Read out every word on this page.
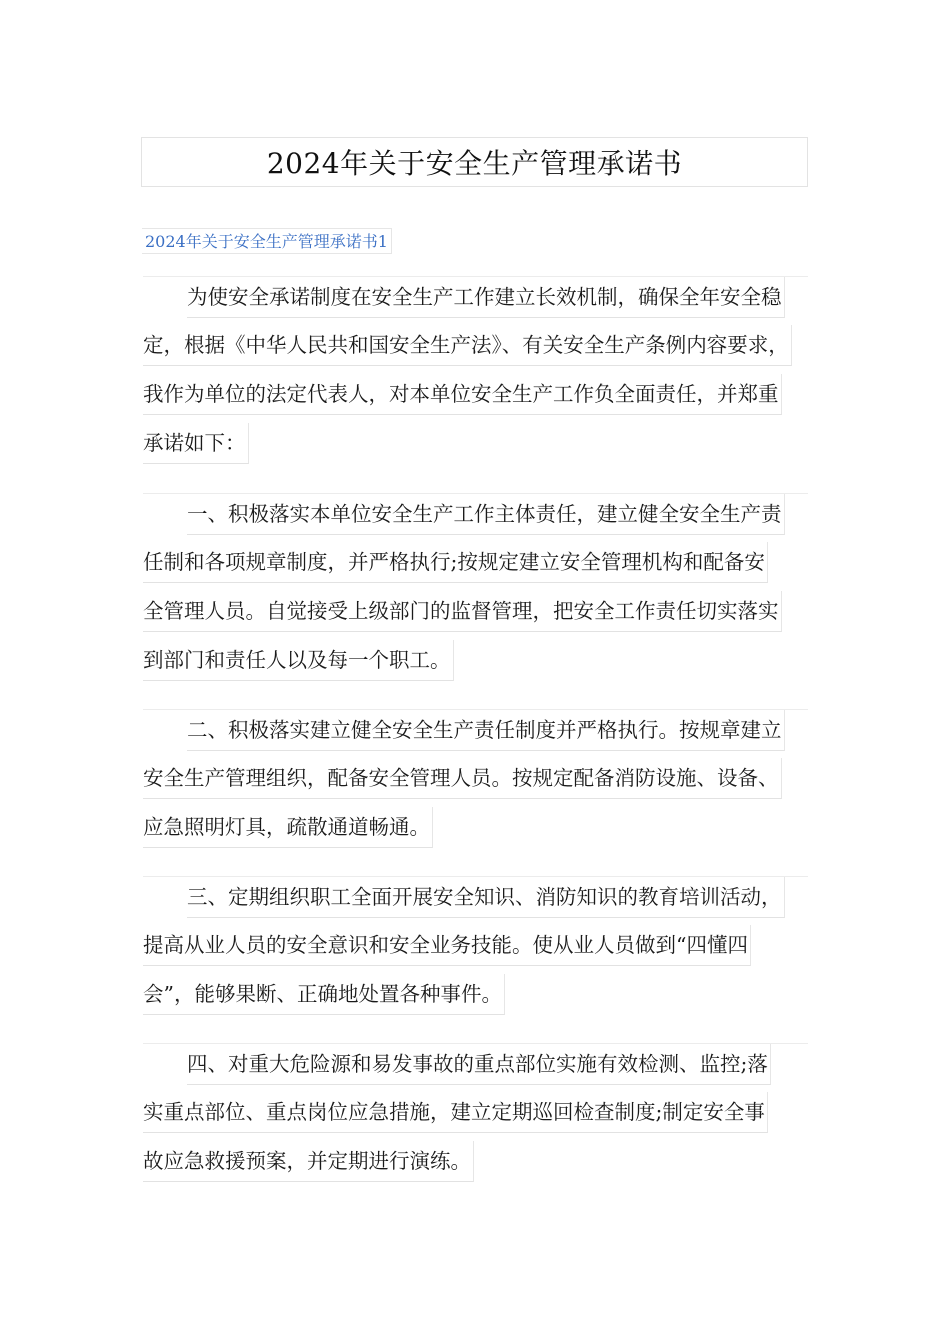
2024年关于安全生产管理承诺书
2024年关于安全生产管理承诺书1
为使安全承诺制度在安全生产工作建立长效机制，确保全年安全稳
定，根据《中华人民共和国安全生产法》、有关安全生产条例内容要求，
我作为单位的法定代表人，对本单位安全生产工作负全面责任，并郑重
承诺如下：
一、积极落实本单位安全生产工作主体责任，建立健全安全生产责
任制和各项规章制度，并严格执行;按规定建立安全管理机构和配备安
全管理人员。自觉接受上级部门的监督管理，把安全工作责任切实落实
到部门和责任人以及每一个职工。
二、积极落实建立健全安全生产责任制度并严格执行。按规章建立
安全生产管理组织，配备安全管理人员。按规定配备消防设施、设备、
应急照明灯具，疏散通道畅通。
三、定期组织职工全面开展安全知识、消防知识的教育培训活动，
提高从业人员的安全意识和安全业务技能。使从业人员做到“四懂四
会”，能够果断、正确地处置各种事件。
四、对重大危险源和易发事故的重点部位实施有效检测、监控;落
实重点部位、重点岗位应急措施，建立定期巡回检查制度;制定安全事
故应急救援预案，并定期进行演练。
